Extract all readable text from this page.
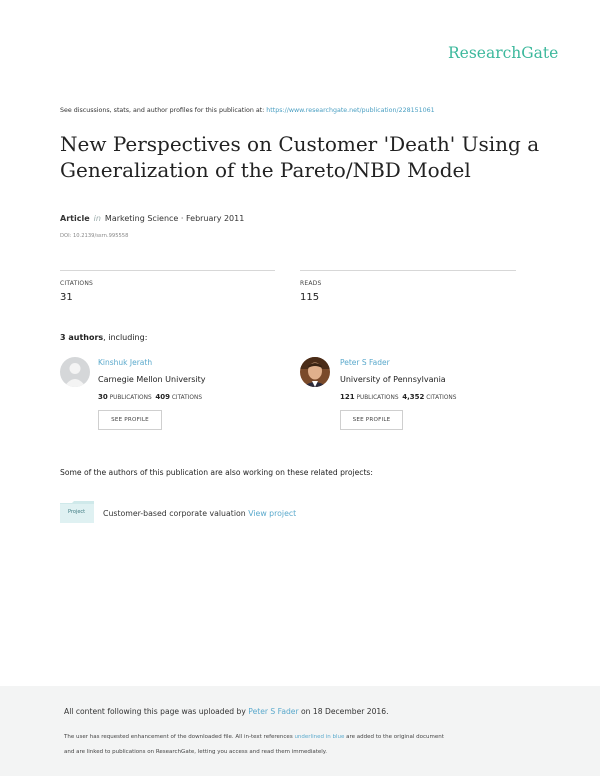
ResearchGate
See discussions, stats, and author profiles for this publication at: https://www.researchgate.net/publication/228151061
New Perspectives on Customer 'Death' Using a
Generalization of the Pareto/NBD Model
Article in Marketing Science · February 2011
DOI: 10.2139/ssrn.995558
CITATIONS
31
READS
115
3 authors, including:
Kinshuk Jerath
Carnegie Mellon University
30 PUBLICATIONS 409 CITATIONS
SEE PROFILE
Peter S Fader
University of Pennsylvania
121 PUBLICATIONS 4,352 CITATIONS
SEE PROFILE
Some of the authors of this publication are also working on these related projects:
Project Customer-based corporate valuation View project
All content following this page was uploaded by Peter S Fader on 18 December 2016.
The user has requested enhancement of the downloaded file. All in-text references underlined in blue are added to the original document
and are linked to publications on ResearchGate, letting you access and read them immediately.
